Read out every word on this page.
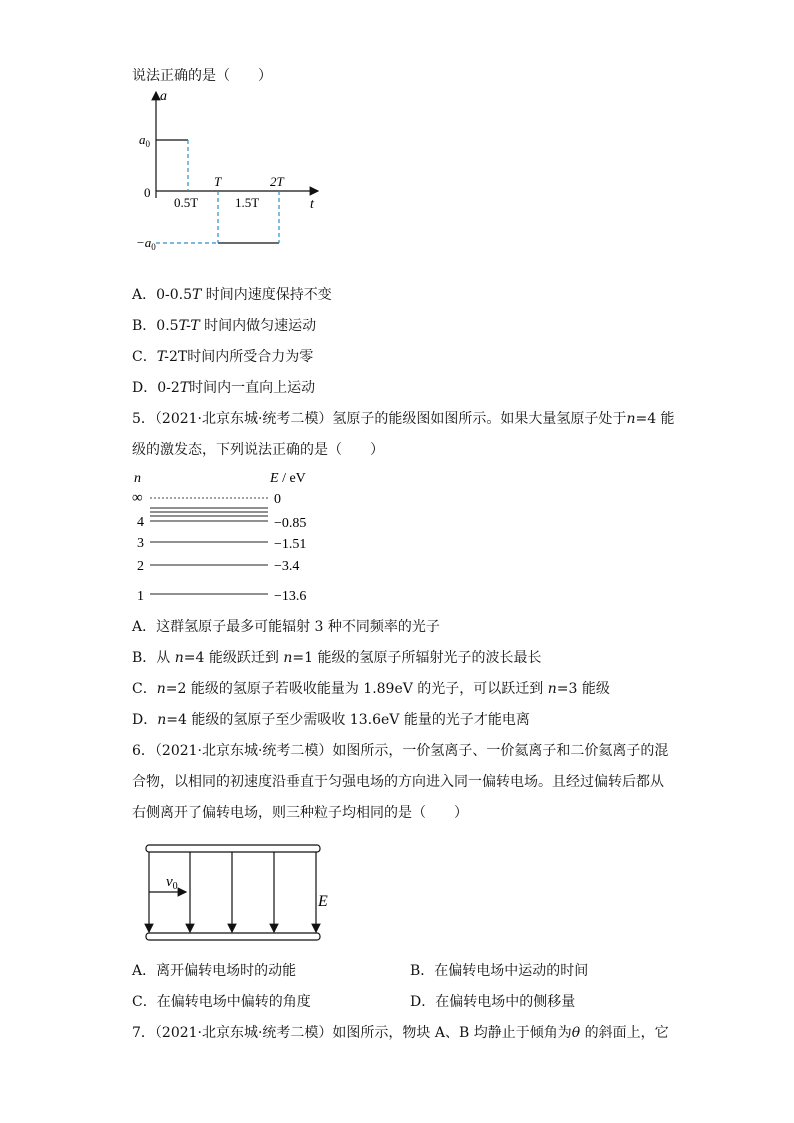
说法正确的是（　　）
a
t
0
$a_0$
$-a_0$
T	2T
0.5T	1.5T
A．0-0.5T 时间内速度保持不变
B．0.5T-T 时间内做匀速运动
C．T-2T时间内所受合力为零
D．0-2T时间内一直向上运动
5．（2021·北京东城·统考二模）氢原子的能级图如图所示。如果大量氢原子处于n=4 能
级的激发态，下列说法正确的是（　　）
n	E / eV
∞	0
4	−0.85
3	−1.51
2	−3.4
1	−13.6
A．这群氢原子最多可能辐射 3 种不同频率的光子
B．从 n=4 能级跃迁到 n=1 能级的氢原子所辐射光子的波长最长
C．n=2 能级的氢原子若吸收能量为 1.89eV 的光子，可以跃迁到 n=3 能级
D．n=4 能级的氢原子至少需吸收 13.6eV 能量的光子才能电离
6．（2021·北京东城·统考二模）如图所示，一价氢离子、一价氦离子和二价氦离子的混
合物，以相同的初速度沿垂直于匀强电场的方向进入同一偏转电场。且经过偏转后都从
右侧离开了偏转电场，则三种粒子均相同的是（　　）
$v_0$
E
A．离开偏转电场时的动能	B．在偏转电场中运动的时间
C．在偏转电场中偏转的角度	D．在偏转电场中的侧移量
7．（2021·北京东城·统考二模）如图所示，物块 A、B 均静止于倾角为θ 的斜面上，它
